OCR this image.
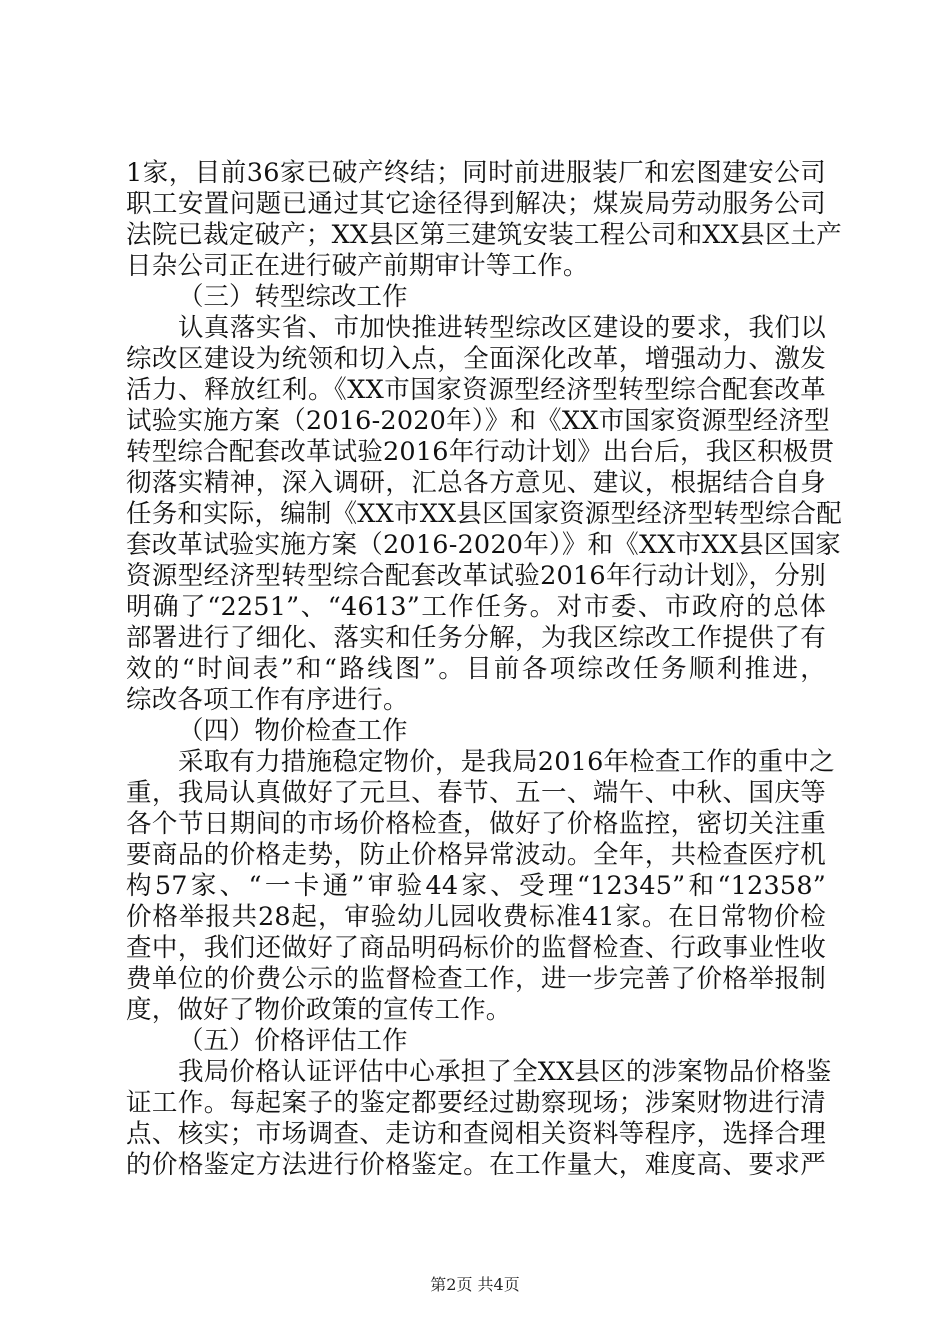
1家，目前36家已破产终结；同时前进服装厂和宏图建安公司
职工安置问题已通过其它途径得到解决；煤炭局劳动服务公司
法院已裁定破产；XX县区第三建筑安装工程公司和XX县区土产
日杂公司正在进行破产前期审计等工作。
（三）转型综改工作
认真落实省、市加快推进转型综改区建设的要求，我们以
综改区建设为统领和切入点，全面深化改革，增强动力、激发
活力、释放红利。《XX市国家资源型经济型转型综合配套改革
试验实施方案（2016-2020年）》和《XX市国家资源型经济型
转型综合配套改革试验2016年行动计划》出台后，我区积极贯
彻落实精神，深入调研，汇总各方意见、建议，根据结合自身
任务和实际，编制《XX市XX县区国家资源型经济型转型综合配
套改革试验实施方案（2016-2020年）》和《XX市XX县区国家
资源型经济型转型综合配套改革试验2016年行动计划》，分别
明确了“2251”、“4613”工作任务。对市委、市政府的总体
部署进行了细化、落实和任务分解，为我区综改工作提供了有
效的“时间表”和“路线图”。目前各项综改任务顺利推进，
综改各项工作有序进行。
（四）物价检查工作
采取有力措施稳定物价，是我局2016年检查工作的重中之
重，我局认真做好了元旦、春节、五一、端午、中秋、国庆等
各个节日期间的市场价格检查，做好了价格监控，密切关注重
要商品的价格走势，防止价格异常波动。全年，共检查医疗机
构57家、“一卡通”审验44家、受理“12345”和“12358”
价格举报共28起，审验幼儿园收费标准41家。在日常物价检
查中，我们还做好了商品明码标价的监督检查、行政事业性收
费单位的价费公示的监督检查工作，进一步完善了价格举报制
度，做好了物价政策的宣传工作。
（五）价格评估工作
我局价格认证评估中心承担了全XX县区的涉案物品价格鉴
证工作。每起案子的鉴定都要经过勘察现场；涉案财物进行清
点、核实；市场调查、走访和查阅相关资料等程序，选择合理
的价格鉴定方法进行价格鉴定。在工作量大，难度高、要求严
第2页 共4页
